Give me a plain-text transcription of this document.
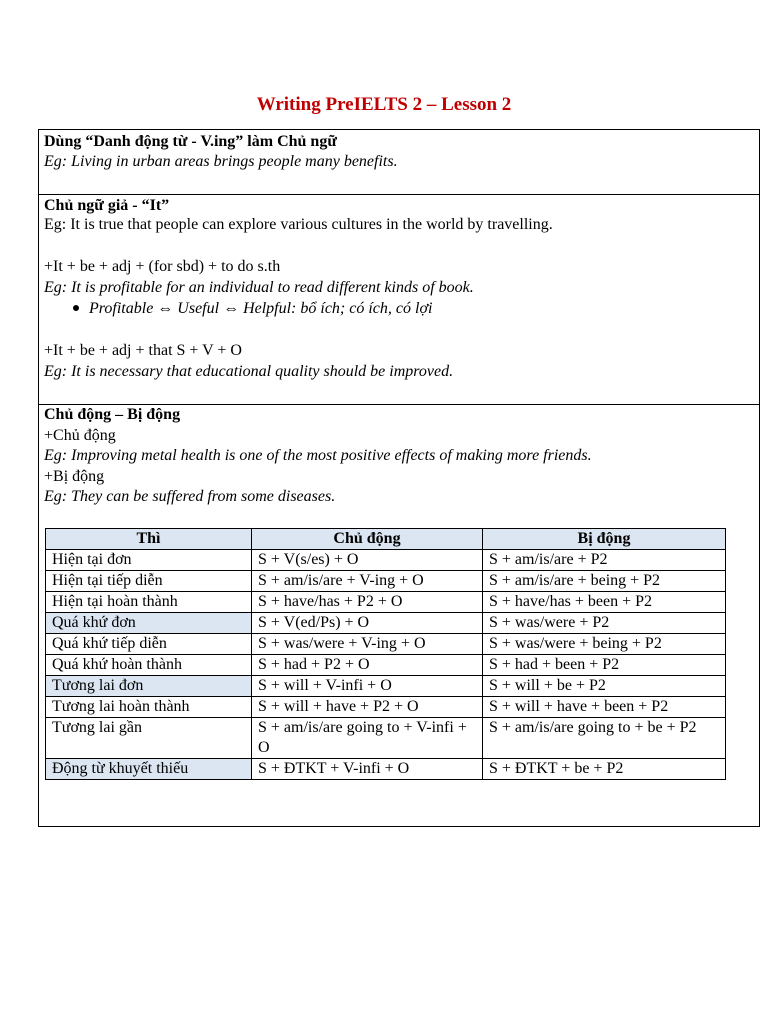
Writing PreIELTS 2 – Lesson 2
Dùng “Danh động từ - V.ing” làm Chủ ngữ
Eg: Living in urban areas brings people many benefits.
Chủ ngữ giả - “It”
Eg: It is true that people can explore various cultures in the world by travelling.
+It + be + adj + (for sbd) + to do s.th
Eg: It is profitable for an individual to read different kinds of book.
Profitable ⇔ Useful ⇔ Helpful: bổ ích; có ích, có lợi
+It + be + adj + that S + V + O
Eg: It is necessary that educational quality should be improved.
Chủ động – Bị động
+Chủ động
Eg: Improving metal health is one of the most positive effects of making more friends.
+Bị động
Eg: They can be suffered from some diseases.
Thì	Chủ động	Bị động
Hiện tại đơn	S + V(s/es) + O	S + am/is/are + P2
Hiện tại tiếp diễn	S + am/is/are + V-ing + O	S + am/is/are + being + P2
Hiện tại hoàn thành	S + have/has + P2 + O	S + have/has + been + P2
Quá khứ đơn	S + V(ed/Ps) + O	S + was/were + P2
Quá khứ tiếp diễn	S + was/were + V-ing + O	S + was/were + being + P2
Quá khứ hoàn thành	S + had + P2 + O	S + had + been + P2
Tương lai đơn	S + will + V-infi + O	S + will + be + P2
Tương lai hoàn thành	S + will + have + P2 + O	S + will + have + been + P2
Tương lai gần	S + am/is/are going to + V-infi + O	S + am/is/are going to + be + P2
Động từ khuyết thiếu	S + ĐTKT + V-infi + O	S + ĐTKT + be + P2
